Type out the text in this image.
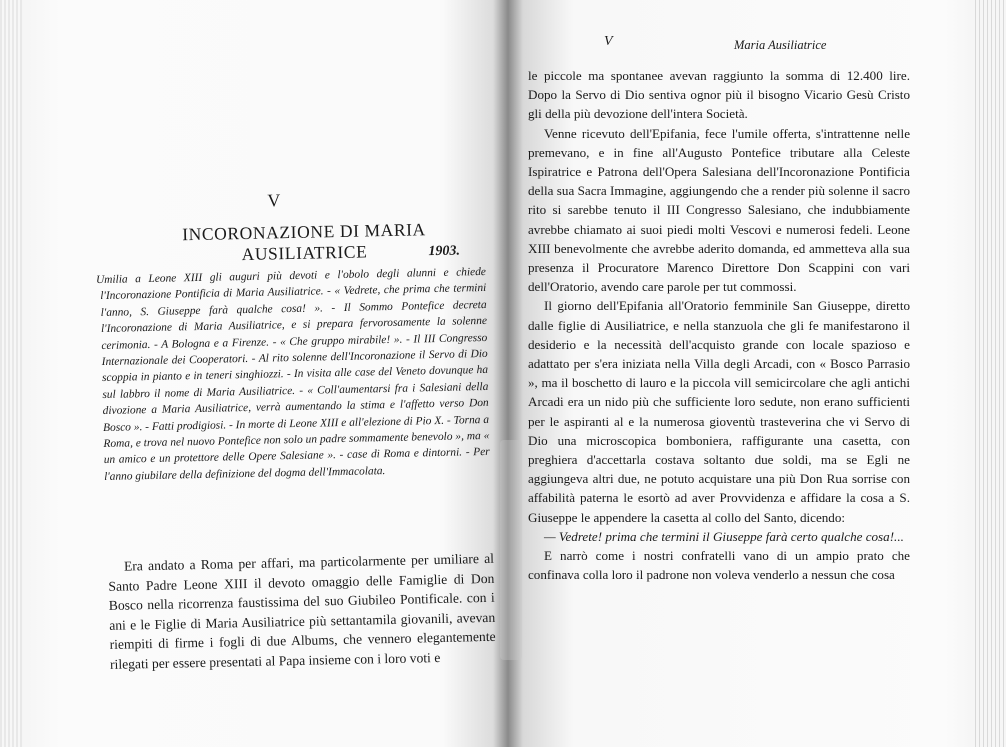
V
INCORONAZIONE DI MARIA AUSILIATRICE	1903.
Umilia a Leone XIII gli auguri più devoti e l'obolo degli alunni e chiede l'Incoronazione Pontificia di Maria Ausiliatrice. - « Vedrete, che prima che termini l'anno, S. Giuseppe farà qualche cosa! ». - Il Sommo Pontefice decreta l'Incoronazione di Maria Ausiliatrice, e si prepara fervorosamente la solenne cerimonia. - A Bologna e a Firenze. - « Che gruppo mirabile! ». - Il III Congresso Internazionale dei Cooperatori. - Al rito solenne dell'Incoronazione il Servo di Dio scoppia in pianto e in teneri singhiozzi. - In visita alle case del Veneto dovunque ha sul labbro il nome di Maria Ausiliatrice. - « Coll'aumentarsi fra i Salesiani della divozione a Maria Ausiliatrice, verrà aumentando la stima e l'affetto verso Don Bosco ». - Fatti prodigiosi. - In morte di Leone XIII e all'elezione di Pio X. - Torna a Roma, e trova nel nuovo Pontefice non solo un padre sommamente benevolo », ma « un amico e un protettore delle Opere Salesiane ». - case di Roma e dintorni. - Per l'anno giubilare della definizione del dogma dell'Immacolata.
Era andato a Roma per affari, ma particolarmente per umiliare al Santo Padre Leone XIII il devoto omaggio delle Famiglie di Don Bosco nella ricorrenza faustissima del suo Giubileo Pontificale. con i ani e le Figlie di Maria Ausiliatrice più settantamila giovanili, avevan riempiti di firme i fogli di due Albums, che vennero elegantemente rilegati per essere presentati al Papa insieme con i loro voti e
V	Maria Ausiliatrice

le piccole ma spontanee avevan raggiunto la somma di 12.400 lire. Dopo la Servo di Dio sentiva ognor più il bisogno Vicario Gesù Cristo gli della più devozione dell'intera Società.

Venne ricevuto dell'Epifania, fece l'umile offerta, s'intrattenne nelle premevano, e in fine all'Augusto Pontefice tributare alla Celeste Ispiratrice e Patrona dell'Opera Salesiana dell'Incoronazione Pontificia della sua Sacra Immagine, aggiungendo che a render più solenne il sacro rito si sarebbe tenuto il III Congresso Salesiano, che indubbiamente avrebbe chiamato ai suoi piedi molti Vescovi e numerosi fedeli. Leone XIII benevolmente che avrebbe aderito domanda, ed ammetteva alla sua presenza il Procuratore Marenco Direttore Don Scappini con vari dell'Oratorio, avendo care parole per tut commossi.

Il giorno dell'Epifania all'Oratorio femminile San Giuseppe, diretto dalle figlie di Ausiliatrice, e nella stanzuola che gli fe manifestarono il desiderio e la necessità dell'acquisto grande con locale spazioso e adattato per s'era iniziata nella Villa degli Arcadi, con « Bosco Parrasio », ma il boschetto di lauro e la piccola vill semicircolare che agli antichi Arcadi era un nido più che sufficiente loro sedute, non erano sufficienti per le aspiranti al e la numerosa gioventù trasteverina che vi Servo di Dio una microscopica bomboniera, raffigurante una casetta, con preghiera d'accettarla costava soltanto due soldi, ma se Egli ne aggiungeva altri due, ne potuto acquistare una più Don Rua sorrise con affabilità paterna le esortò ad aver Provvidenza e affidare la cosa a S. Giuseppe le appendere la casetta al collo del Santo, dicendo:

— Vedrete! prima che termini il Giuseppe farà certo qualche cosa!...

E narrò come i nostri confratelli vano di un ampio prato che confinava colla loro il padrone non voleva venderlo a nessun che cosa
